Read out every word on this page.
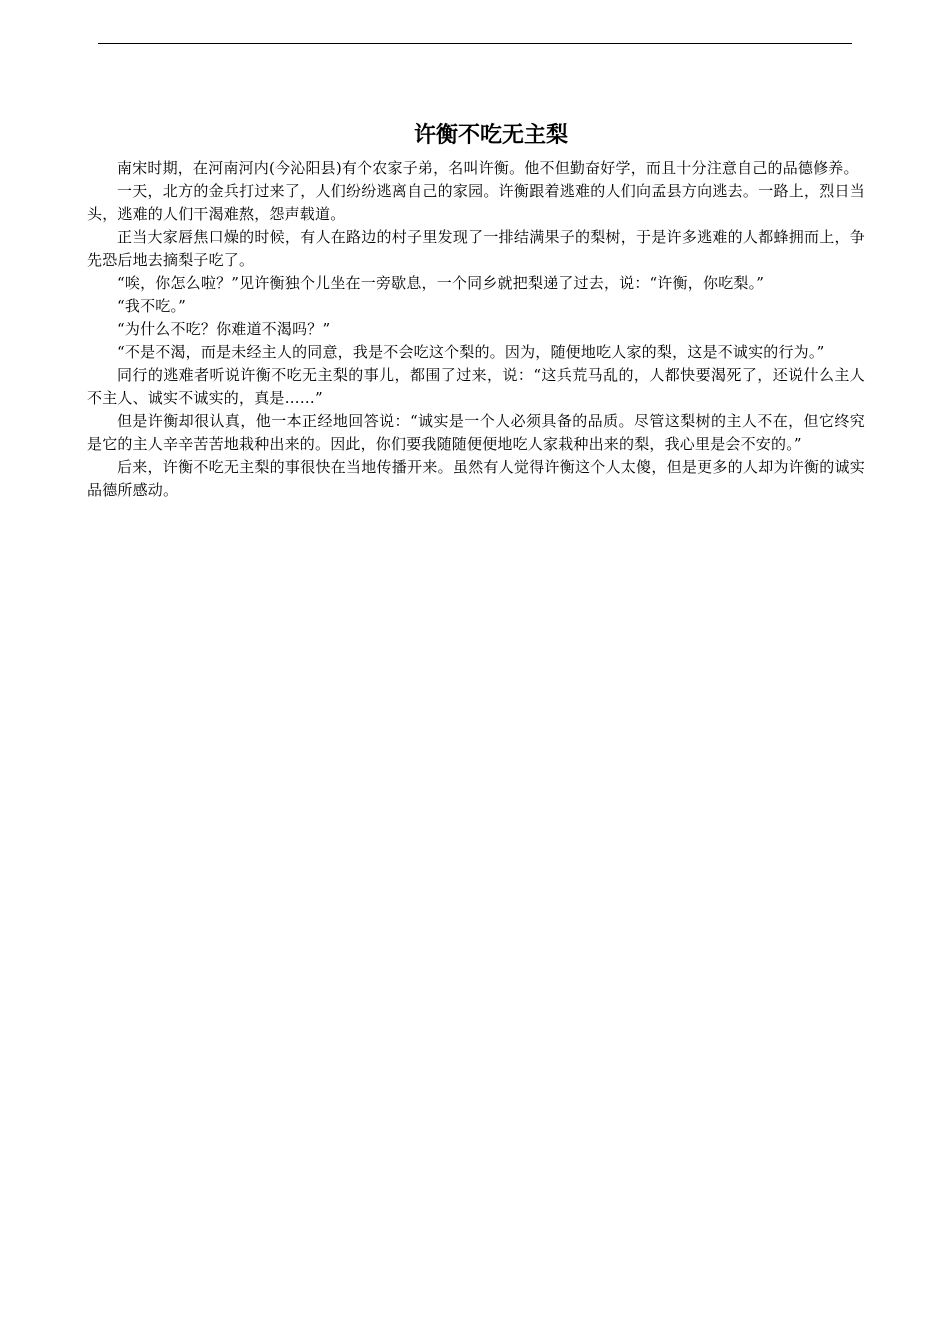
许衡不吃无主梨

南宋时期，在河南河内(今沁阳县)有个农家子弟，名叫许衡。他不但勤奋好学，而且十分注意自己的品德修养。

一天，北方的金兵打过来了，人们纷纷逃离自己的家园。许衡跟着逃难的人们向孟县方向逃去。一路上，烈日当头，逃难的人们干渴难熬，怨声载道。

正当大家唇焦口燥的时候，有人在路边的村子里发现了一排结满果子的梨树，于是许多逃难的人都蜂拥而上，争先恐后地去摘梨子吃了。

“唉，你怎么啦？”见许衡独个儿坐在一旁歇息，一个同乡就把梨递了过去，说：“许衡，你吃梨。”

“我不吃。”

“为什么不吃？你难道不渴吗？”

“不是不渴，而是未经主人的同意，我是不会吃这个梨的。因为，随便地吃人家的梨，这是不诚实的行为。”

同行的逃难者听说许衡不吃无主梨的事儿，都围了过来，说：“这兵荒马乱的，人都快要渴死了，还说什么主人不主人、诚实不诚实的，真是……”

但是许衡却很认真，他一本正经地回答说：“诚实是一个人必须具备的品质。尽管这梨树的主人不在，但它终究是它的主人辛辛苦苦地栽种出来的。因此，你们要我随随便便地吃人家栽种出来的梨，我心里是会不安的。”

后来，许衡不吃无主梨的事很快在当地传播开来。虽然有人觉得许衡这个人太傻，但是更多的人却为许衡的诚实品德所感动。
